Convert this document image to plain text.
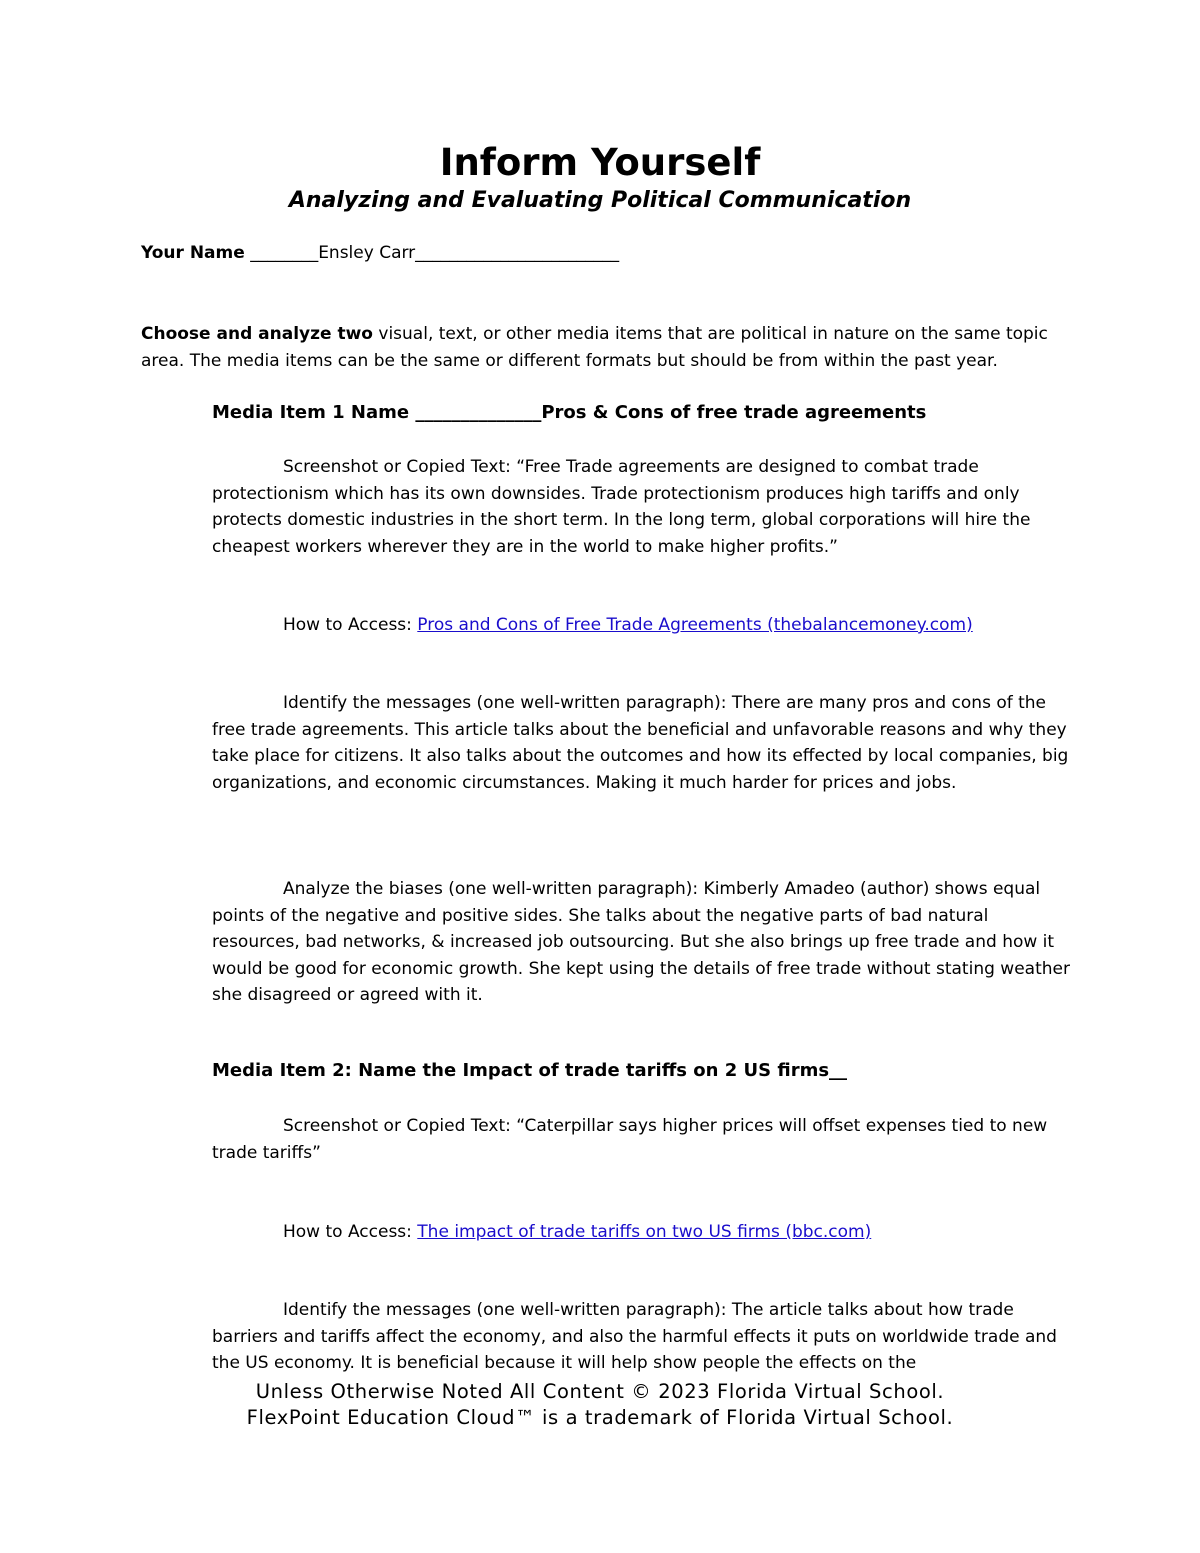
Inform Yourself
Analyzing and Evaluating Political Communication
Your Name ________Ensley Carr________________________
Choose and analyze two visual, text, or other media items that are political in nature on the same topic area. The media items can be the same or different formats but should be from within the past year.
Media Item 1 Name ______________Pros & Cons of free trade agreements
Screenshot or Copied Text: “Free Trade agreements are designed to combat trade protectionism which has its own downsides. Trade protectionism produces high tariffs and only protects domestic industries in the short term. In the long term, global corporations will hire the cheapest workers wherever they are in the world to make higher profits.”
How to Access: Pros and Cons of Free Trade Agreements (thebalancemoney.com)
Identify the messages (one well-written paragraph): There are many pros and cons of the free trade agreements. This article talks about the beneficial and unfavorable reasons and why they take place for citizens. It also talks about the outcomes and how its effected by local companies, big organizations, and economic circumstances. Making it much harder for prices and jobs.
Analyze the biases (one well-written paragraph): Kimberly Amadeo (author) shows equal points of the negative and positive sides. She talks about the negative parts of bad natural resources, bad networks, & increased job outsourcing. But she also brings up free trade and how it would be good for economic growth. She kept using the details of free trade without stating weather she disagreed or agreed with it.
Media Item 2: Name the Impact of trade tariffs on 2 US firms__
Screenshot or Copied Text: “Caterpillar says higher prices will offset expenses tied to new trade tariffs”
How to Access: The impact of trade tariffs on two US firms (bbc.com)
Identify the messages (one well-written paragraph): The article talks about how trade barriers and tariffs affect the economy, and also the harmful effects it puts on worldwide trade and the US economy. It is beneficial because it will help show people the effects on the
Unless Otherwise Noted All Content © 2023 Florida Virtual School.
FlexPoint Education Cloud™ is a trademark of Florida Virtual School.
